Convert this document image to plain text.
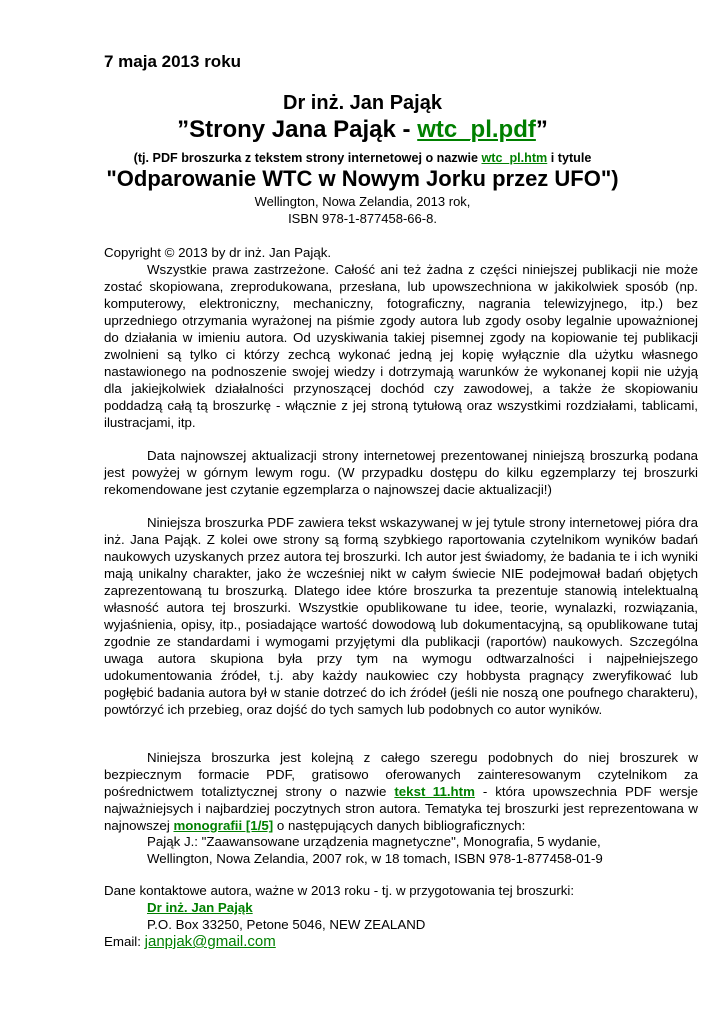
7 maja 2013 roku
Dr inż. Jan Pająk
”Strony Jana Pająk - wtc_pl.pdf”
(tj. PDF broszurka z tekstem strony internetowej o nazwie wtc_pl.htm i tytule
"Odparowanie WTC w Nowym Jorku przez UFO")
Wellington, Nowa Zelandia, 2013 rok,
ISBN 978-1-877458-66-8.

Copyright © 2013 by dr inż. Jan Pająk.

Wszystkie prawa zastrzeżone. Całość ani też żadna z części niniejszej publikacji nie może zostać skopiowana, zreprodukowana, przesłana, lub upowszechniona w jakikolwiek sposób (np. komputerowy, elektroniczny, mechaniczny, fotograficzny, nagrania telewizyjnego, itp.) bez uprzedniego otrzymania wyrażonej na piśmie zgody autora lub zgody osoby legalnie upoważnionej do działania w imieniu autora. Od uzyskiwania takiej pisemnej zgody na kopiowanie tej publikacji zwolnieni są tylko ci którzy zechcą wykonać jedną jej kopię wyłącznie dla użytku własnego nastawionego na podnoszenie swojej wiedzy i dotrzymają warunków że wykonanej kopii nie użyją dla jakiejkolwiek działalności przynoszącej dochód czy zawodowej, a także że skopiowaniu poddadzą całą tą broszurkę - włącznie z jej stroną tytułową oraz wszystkimi rozdziałami, tablicami, ilustracjami, itp.

Data najnowszej aktualizacji strony internetowej prezentowanej niniejszą broszurką podana jest powyżej w górnym lewym rogu. (W przypadku dostępu do kilku egzemplarzy tej broszurki rekomendowane jest czytanie egzemplarza o najnowszej dacie aktualizacji!)
Niniejsza broszurka PDF zawiera tekst wskazywanej w jej tytule strony internetowej pióra dra inż. Jana Pająk. Z kolei owe strony są formą szybkiego raportowania czytelnikom wyników badań naukowych uzyskanych przez autora tej broszurki. Ich autor jest świadomy, że badania te i ich wyniki mają unikalny charakter, jako że wcześniej nikt w całym świecie NIE podejmował badań objętych zaprezentowaną tu broszurką. Dlatego idee które broszurka ta prezentuje stanowią intelektualną własność autora tej broszurki. Wszystkie opublikowane tu idee, teorie, wynalazki, rozwiązania, wyjaśnienia, opisy, itp., posiadające wartość dowodową lub dokumentacyjną, są opublikowane tutaj zgodnie ze standardami i wymogami przyjętymi dla publikacji (raportów) naukowych. Szczególna uwaga autora skupiona była przy tym na wymogu odtwarzalności i najpełniejszego udokumentowania źródeł, t.j. aby każdy naukowiec czy hobbysta pragnący zweryfikować lub pogłębić badania autora był w stanie dotrzeć do ich źródeł (jeśli nie noszą one poufnego charakteru), powtórzyć ich przebieg, oraz dojść do tych samych lub podobnych co autor wyników.
Niniejsza broszurka jest kolejną z całego szeregu podobnych do niej broszurek w bezpiecznym formacie PDF, gratisowo oferowanych zainteresowanym czytelnikom za pośrednictwem totaliztycznej strony o nazwie tekst_11.htm - która upowszechnia PDF wersje najważniejsych i najbardziej poczytnych stron autora. Tematyka tej broszurki jest reprezentowana w najnowszej monografii [1/5] o następujących danych bibliograficznych:
Pająk J.: "Zaawansowane urządzenia magnetyczne", Monografia, 5 wydanie,
Wellington, Nowa Zelandia, 2007 rok, w 18 tomach, ISBN 978-1-877458-01-9
Dane kontaktowe autora, ważne w 2013 roku - tj. w przygotowania tej broszurki:
Dr inż. Jan Pająk
P.O. Box 33250, Petone 5046, NEW ZEALAND
Email: janpjak@gmail.com
